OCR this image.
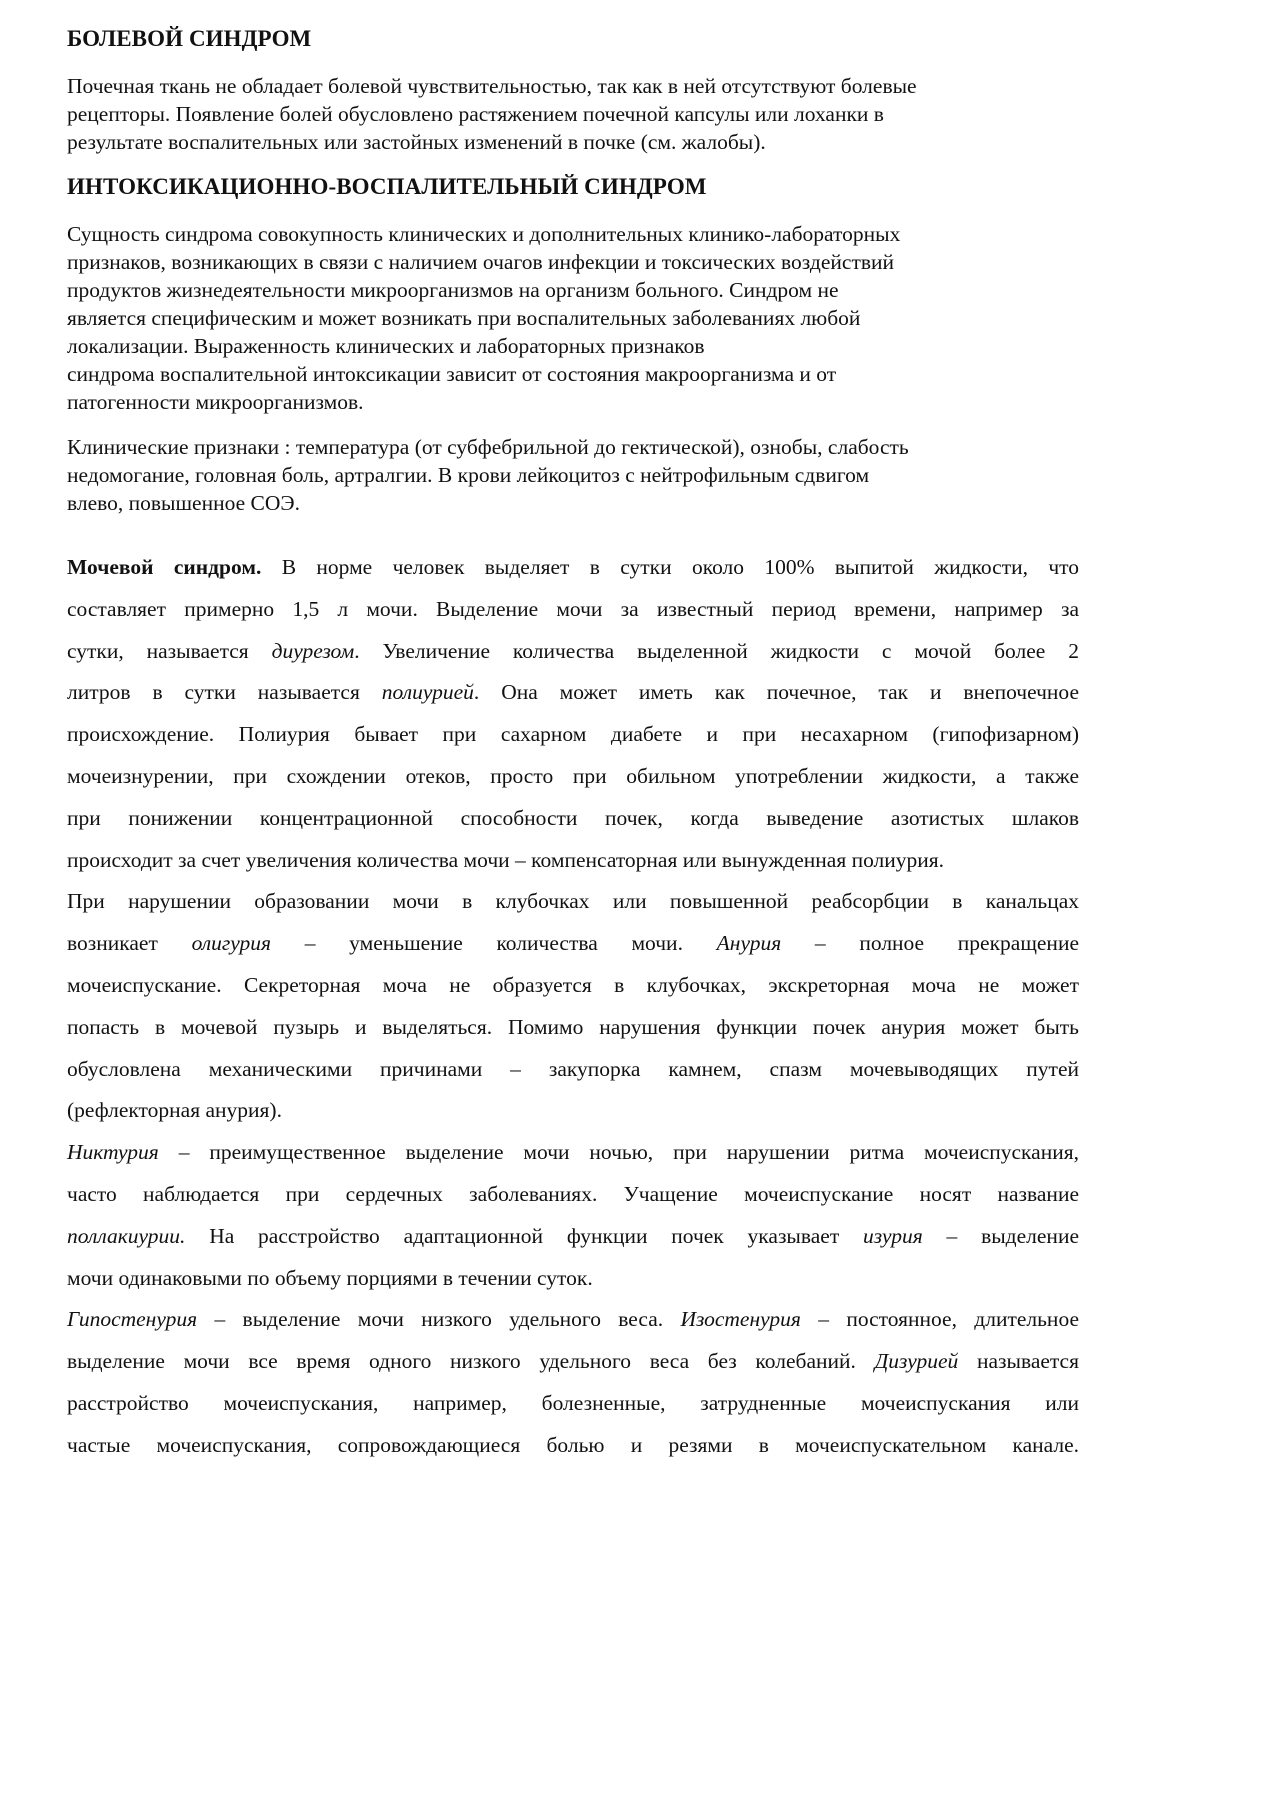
БОЛЕВОЙ СИНДРОМ
Почечная ткань не обладает болевой чувствительностью, так как в ней отсутствуют болевые
рецепторы. Появление болей обусловлено растяжением почечной капсулы или лоханки в
результате воспалительных или застойных изменений в почке (см. жалобы).
ИНТОКСИКАЦИОННО-ВОСПАЛИТЕЛЬНЫЙ СИНДРОМ
Сущность синдрома совокупность клинических и дополнительных клинико-лабораторных
признаков, возникающих в связи с наличием очагов инфекции и токсических воздействий
продуктов жизнедеятельности микроорганизмов на организм больного. Синдром не
является специфическим и может возникать при воспалительных заболеваниях любой
локализации. Выраженность клинических и лабораторных признаков
синдрома воспалительной интоксикации зависит от состояния макроорганизма и от
патогенности микроорганизмов.
Клинические признаки : температура (от субфебрильной до гектической), ознобы, слабость
недомогание, головная боль, артралгии. В крови лейкоцитоз с нейтрофильным сдвигом
влево, повышенное СОЭ.
Мочевой синдром. В норме человек выделяет в сутки около 100% выпитой жидкости, что
составляет примерно 1,5 л мочи. Выделение мочи за известный период времени, например за
сутки, называется диурезом. Увеличение количества выделенной жидкости с мочой более 2
литров в сутки называется полиурией. Она может иметь как почечное, так и внепочечное
происхождение. Полиурия бывает при сахарном диабете и при несахарном (гипофизарном)
мочеизнурении, при схождении отеков, просто при обильном употреблении жидкости, а также
при понижении концентрационной способности почек, когда выведение азотистых шлаков
происходит за счет увеличения количества мочи – компенсаторная или вынужденная полиурия.
При нарушении образовании мочи в клубочках или повышенной реабсорбции в канальцах
возникает олигурия – уменьшение количества мочи. Анурия – полное прекращение
мочеиспускание. Секреторная моча не образуется в клубочках, экскреторная моча не может
попасть в мочевой пузырь и выделяться. Помимо нарушения функции почек анурия может быть
обусловлена механическими причинами – закупорка камнем, спазм мочевыводящих путей
(рефлекторная анурия).
Никтурия – преимущественное выделение мочи ночью, при нарушении ритма мочеиспускания,
часто наблюдается при сердечных заболеваниях. Учащение мочеиспускание носят название
поллакиурии. На расстройство адаптационной функции почек указывает изурия – выделение
мочи одинаковыми по объему порциями в течении суток.
Гипостенурия – выделение мочи низкого удельного веса. Изостенурия – постоянное, длительное
выделение мочи все время одного низкого удельного веса без колебаний. Дизурией называется
расстройство мочеиспускания, например, болезненные, затрудненные мочеиспускания или
частые мочеиспускания, сопровождающиеся болью и резями в мочеиспускательном канале.
